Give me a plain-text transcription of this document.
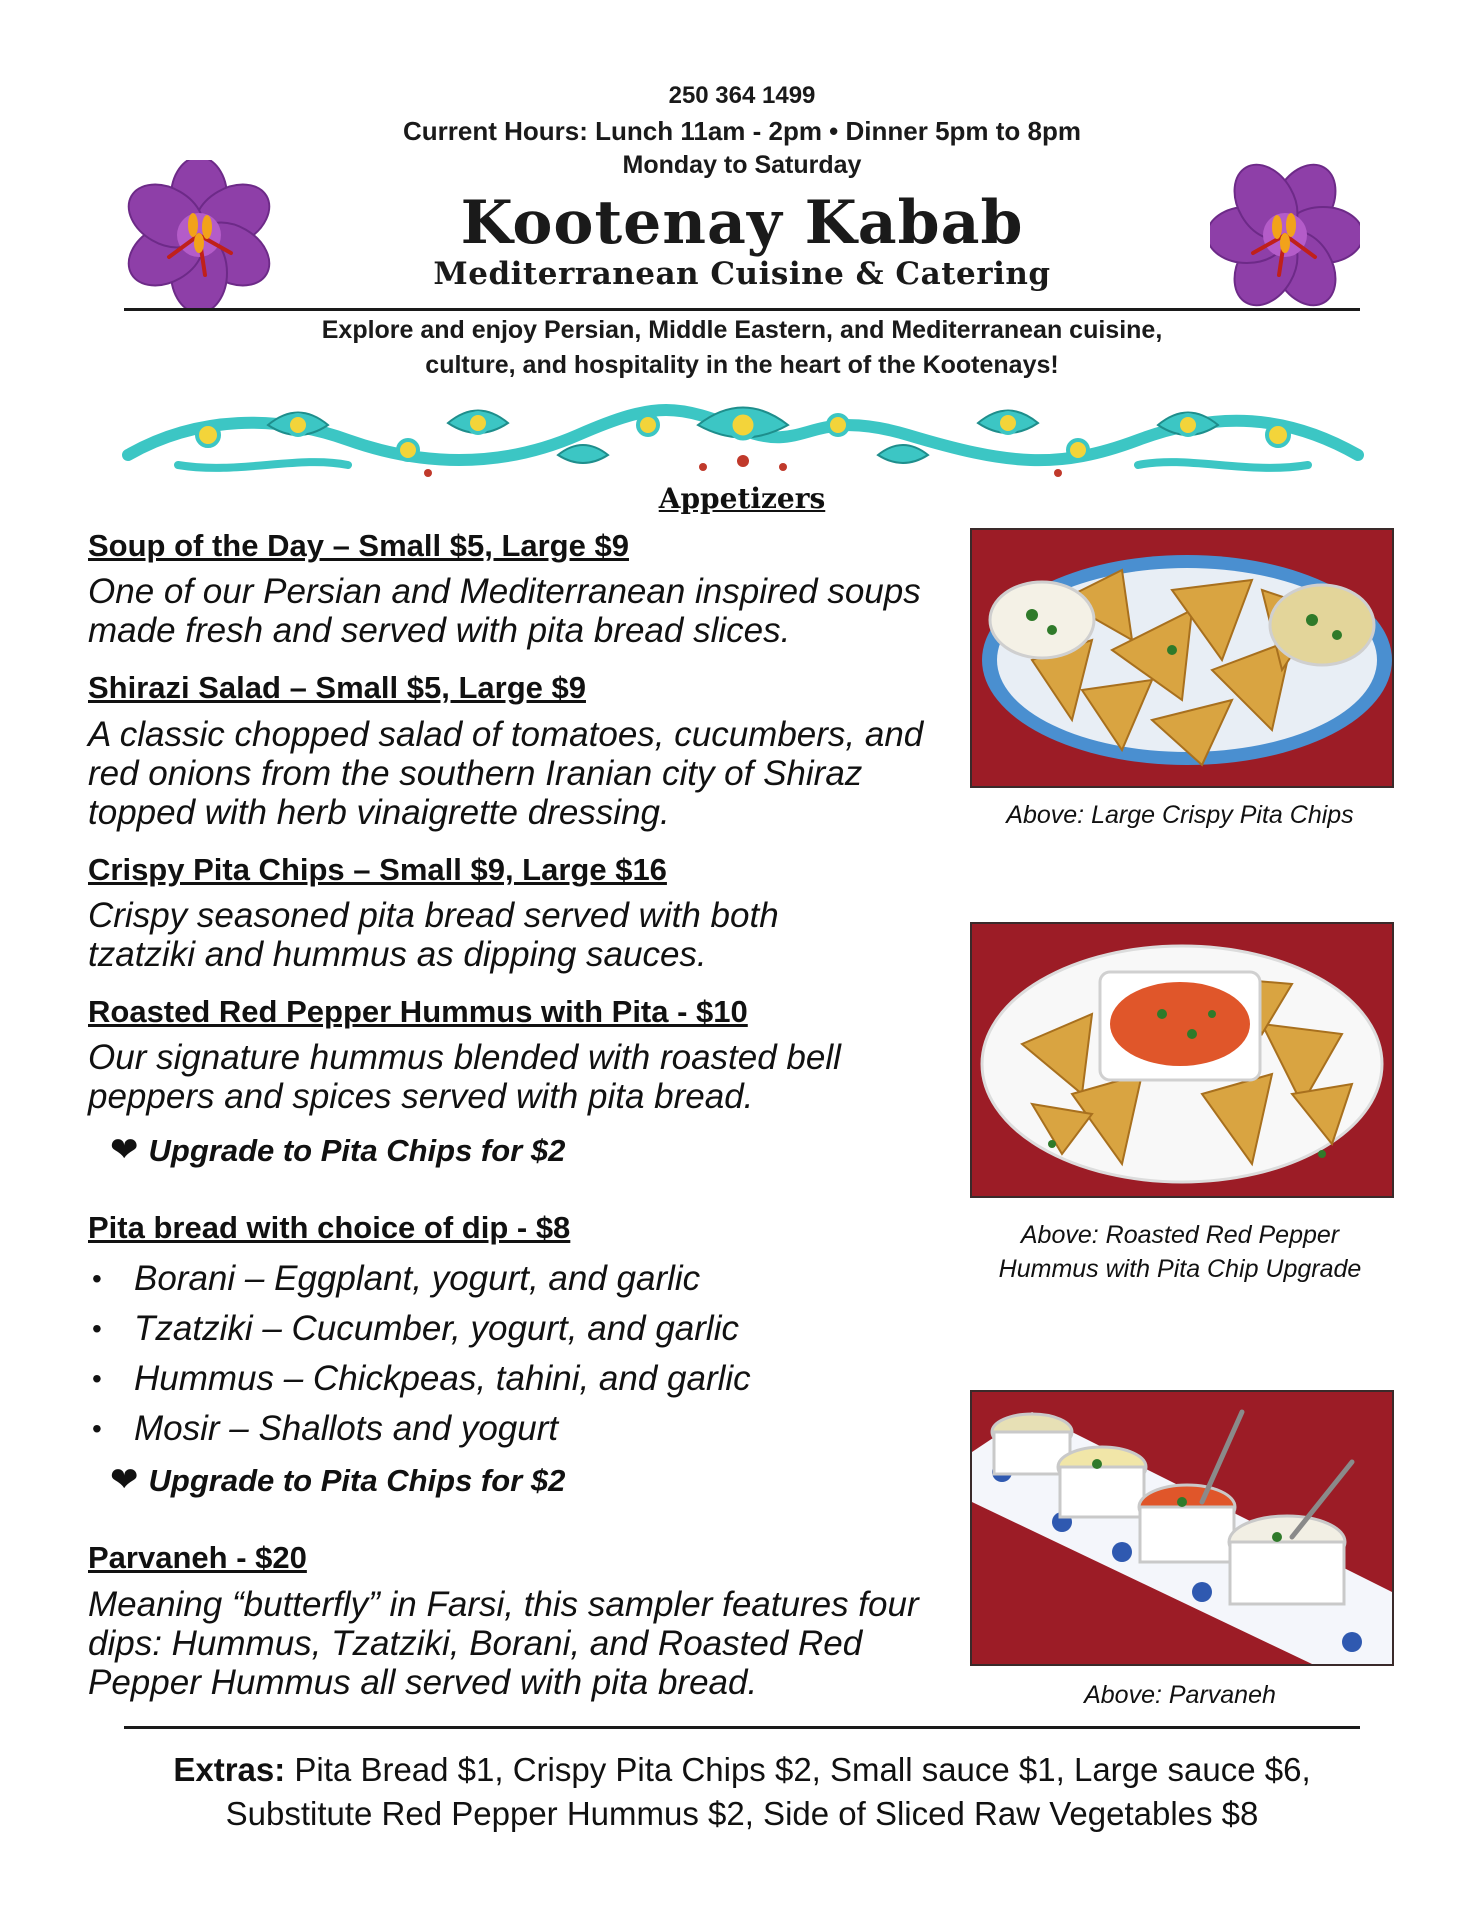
250 364 1499
Current Hours: Lunch 11am - 2pm • Dinner 5pm to 8pm
Monday to Saturday
Kootenay Kabab
Mediterranean Cuisine & Catering
Explore and enjoy Persian, Middle Eastern, and Mediterranean cuisine,
culture, and hospitality in the heart of the Kootenays!
Appetizers
Soup of the Day – Small $5, Large $9
One of our Persian and Mediterranean inspired soups made fresh and served with pita bread slices.
Shirazi Salad – Small $5, Large $9
A classic chopped salad of tomatoes, cucumbers, and red onions from the southern Iranian city of Shiraz topped with herb vinaigrette dressing.
Crispy Pita Chips – Small $9, Large $16
Crispy seasoned pita bread served with both tzatziki and hummus as dipping sauces.
Roasted Red Pepper Hummus with Pita - $10
Our signature hummus blended with roasted bell peppers and spices served with pita bread.
❤ Upgrade to Pita Chips for $2
Pita bread with choice of dip - $8
• Borani – Eggplant, yogurt, and garlic
• Tzatziki – Cucumber, yogurt, and garlic
• Hummus – Chickpeas, tahini, and garlic
• Mosir – Shallots and yogurt
❤ Upgrade to Pita Chips for $2
Parvaneh - $20
Meaning “butterfly” in Farsi, this sampler features four dips: Hummus, Tzatziki, Borani, and Roasted Red Pepper Hummus all served with pita bread.
Above: Large Crispy Pita Chips
Above: Roasted Red Pepper
Hummus with Pita Chip Upgrade
Above: Parvaneh
Extras: Pita Bread $1, Crispy Pita Chips $2, Small sauce $1, Large sauce $6,
Substitute Red Pepper Hummus $2, Side of Sliced Raw Vegetables $8
